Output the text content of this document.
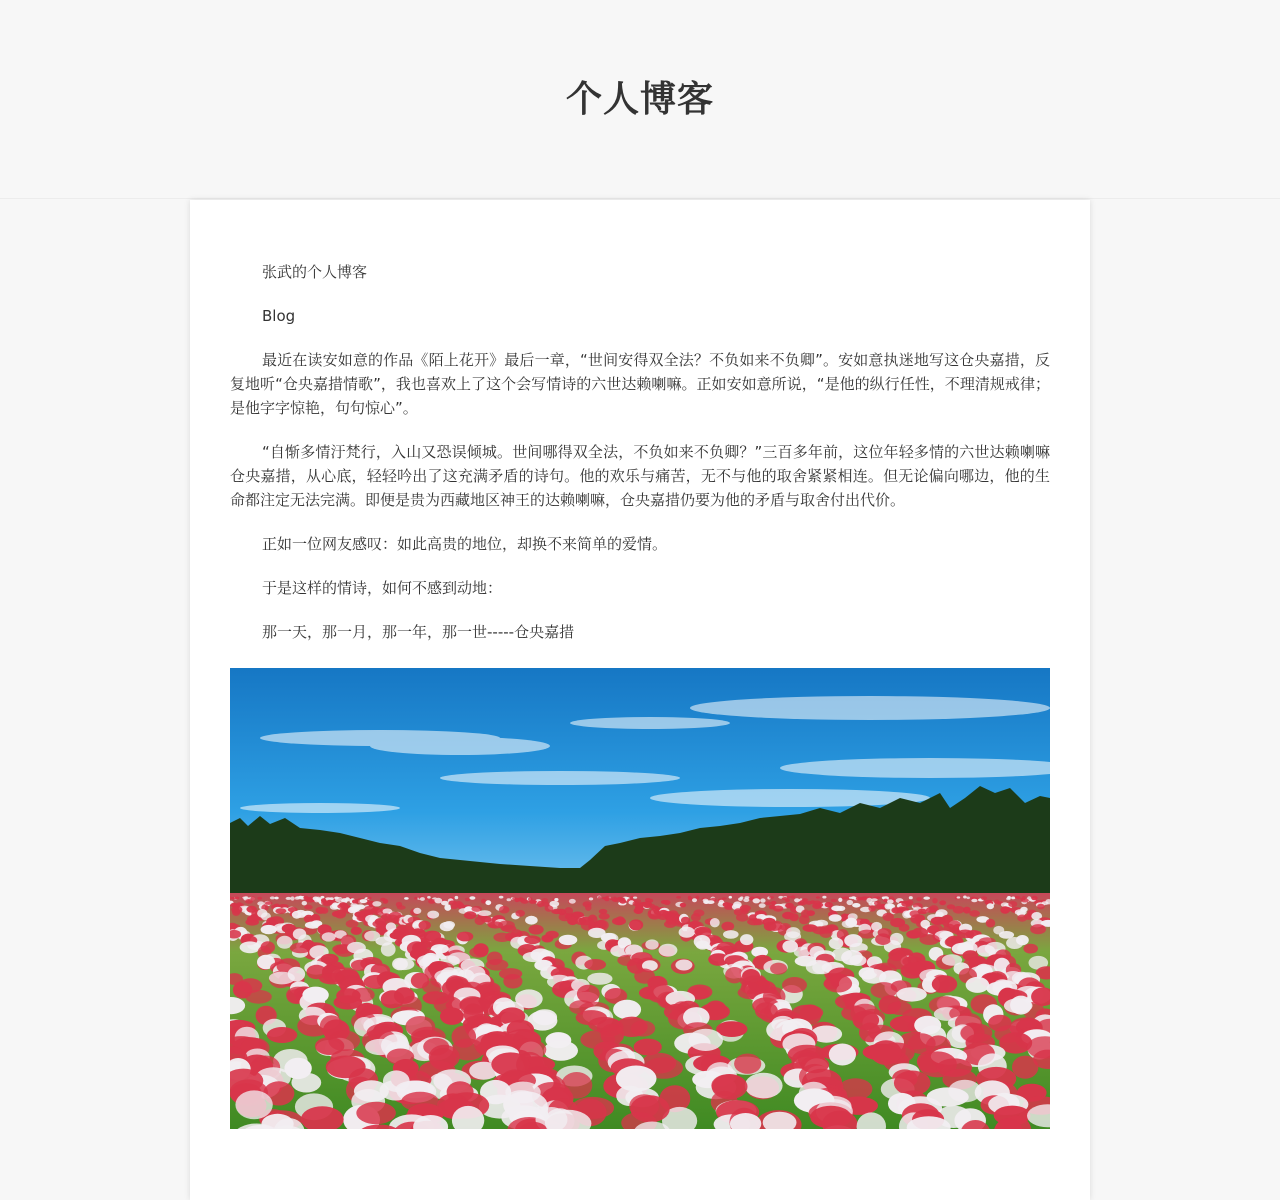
个人博客

张武的个人博客

Blog

最近在读安如意的作品《陌上花开》最后一章，“世间安得双全法？不负如来不负卿”。安如意执迷地写这仓央嘉措，反复地听“仓央嘉措情歌”，我也喜欢上了这个会写情诗的六世达赖喇嘛。正如安如意所说，“是他的纵行任性，不理清规戒律；是他字字惊艳，句句惊心”。

“自惭多情汙梵行，入山又恐误倾城。世间哪得双全法，不负如来不负卿？”三百多年前，这位年轻多情的六世达赖喇嘛仓央嘉措，从心底，轻轻吟出了这充满矛盾的诗句。他的欢乐与痛苦，无不与他的取舍紧紧相连。但无论偏向哪边，他的生命都注定无法完满。即便是贵为西藏地区神王的达赖喇嘛，仓央嘉措仍要为他的矛盾与取舍付出代价。

正如一位网友感叹：如此高贵的地位，却换不来简单的爱情。

于是这样的情诗，如何不感到动地：

那一天，那一月，那一年，那一世-----仓央嘉措
